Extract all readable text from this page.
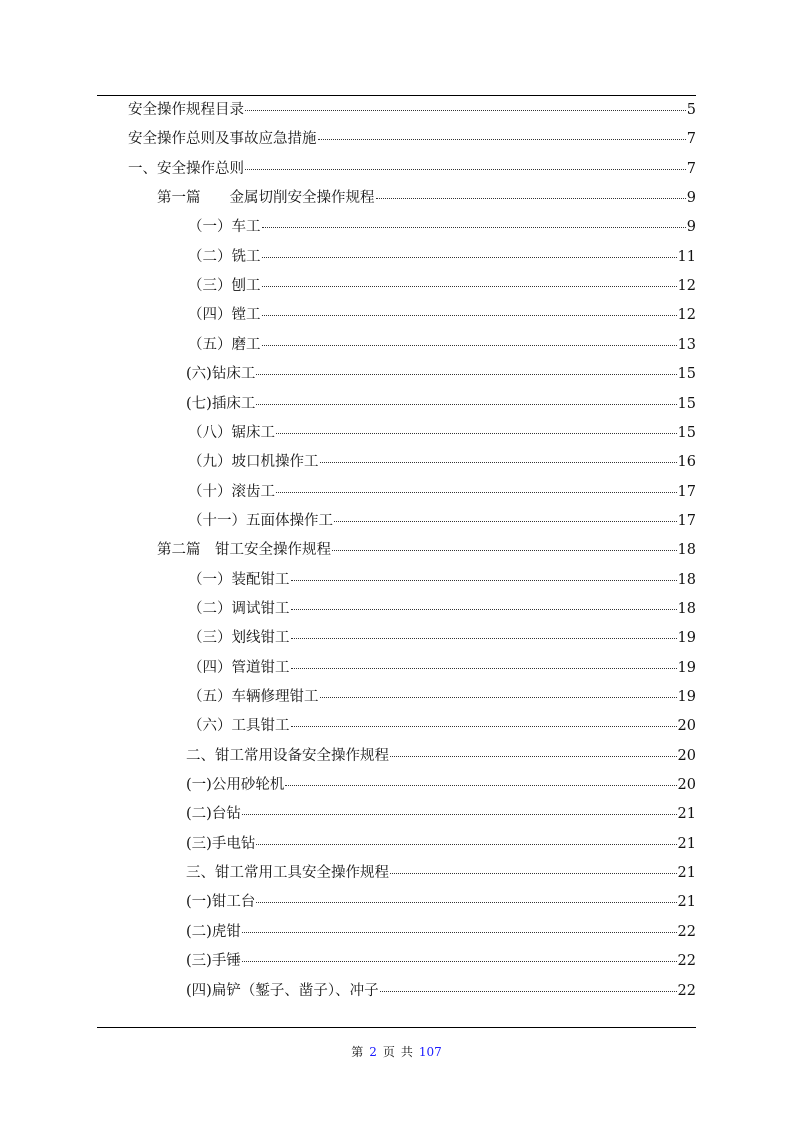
安全操作规程目录	5
安全操作总则及事故应急措施	7
一、安全操作总则	7
第一篇　　金属切削安全操作规程	9
（一）车工	9
（二）铣工	11
（三）刨工	12
（四）镗工	12
（五）磨工	13
(六)钻床工	15
(七)插床工	15
（八）锯床工	15
（九）坡口机操作工	16
（十）滚齿工	17
（十一）五面体操作工	17
第二篇　钳工安全操作规程	18
（一）装配钳工	18
（二）调试钳工	18
（三）划线钳工	19
（四）管道钳工	19
（五）车辆修理钳工	19
（六）工具钳工	20
二、钳工常用设备安全操作规程	20
(一)公用砂轮机	20
(二)台钻	21
(三)手电钻	21
三、钳工常用工具安全操作规程	21
(一)钳工台	21
(二)虎钳	22
(三)手锤	22
(四)扁铲（錾子、凿子）、冲子	22
第 2 页 共 107
